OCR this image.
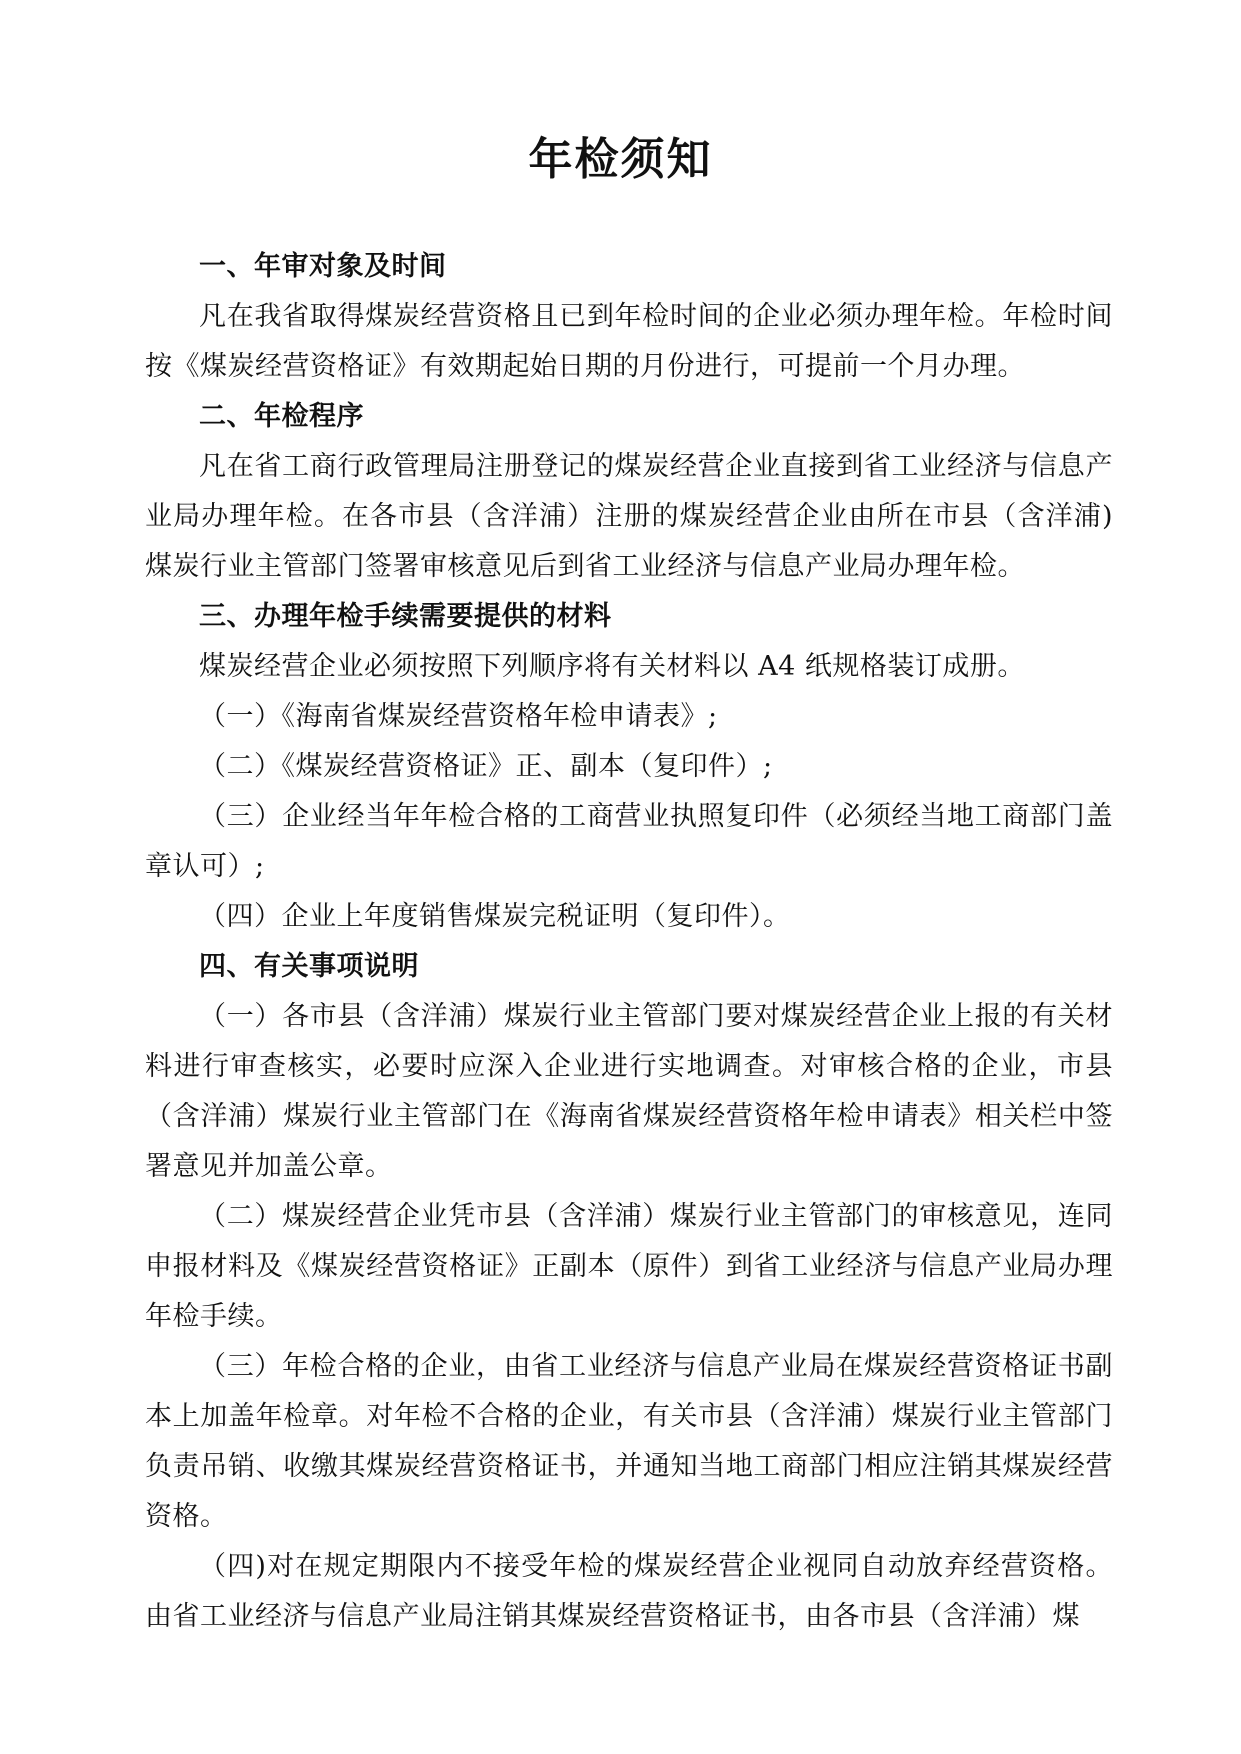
年检须知

一、年审对象及时间

凡在我省取得煤炭经营资格且已到年检时间的企业必须办理年检。年检时间按《煤炭经营资格证》有效期起始日期的月份进行，可提前一个月办理。

二、年检程序

凡在省工商行政管理局注册登记的煤炭经营企业直接到省工业经济与信息产业局办理年检。在各市县（含洋浦）注册的煤炭经营企业由所在市县（含洋浦)煤炭行业主管部门签署审核意见后到省工业经济与信息产业局办理年检。

三、办理年检手续需要提供的材料

煤炭经营企业必须按照下列顺序将有关材料以 A4 纸规格装订成册。

（一）《海南省煤炭经营资格年检申请表》;

（二）《煤炭经营资格证》正、副本（复印件）;

（三）企业经当年年检合格的工商营业执照复印件（必须经当地工商部门盖章认可）;

（四）企业上年度销售煤炭完税证明（复印件）。

四、有关事项说明

（一）各市县（含洋浦）煤炭行业主管部门要对煤炭经营企业上报的有关材料进行审查核实，必要时应深入企业进行实地调查。对审核合格的企业，市县（含洋浦）煤炭行业主管部门在《海南省煤炭经营资格年检申请表》相关栏中签署意见并加盖公章。

（二）煤炭经营企业凭市县（含洋浦）煤炭行业主管部门的审核意见，连同申报材料及《煤炭经营资格证》正副本（原件）到省工业经济与信息产业局办理年检手续。

（三）年检合格的企业，由省工业经济与信息产业局在煤炭经营资格证书副本上加盖年检章。对年检不合格的企业，有关市县（含洋浦）煤炭行业主管部门负责吊销、收缴其煤炭经营资格证书，并通知当地工商部门相应注销其煤炭经营资格。

（四)对在规定期限内不接受年检的煤炭经营企业视同自动放弃经营资格。由省工业经济与信息产业局注销其煤炭经营资格证书，由各市县（含洋浦）煤
